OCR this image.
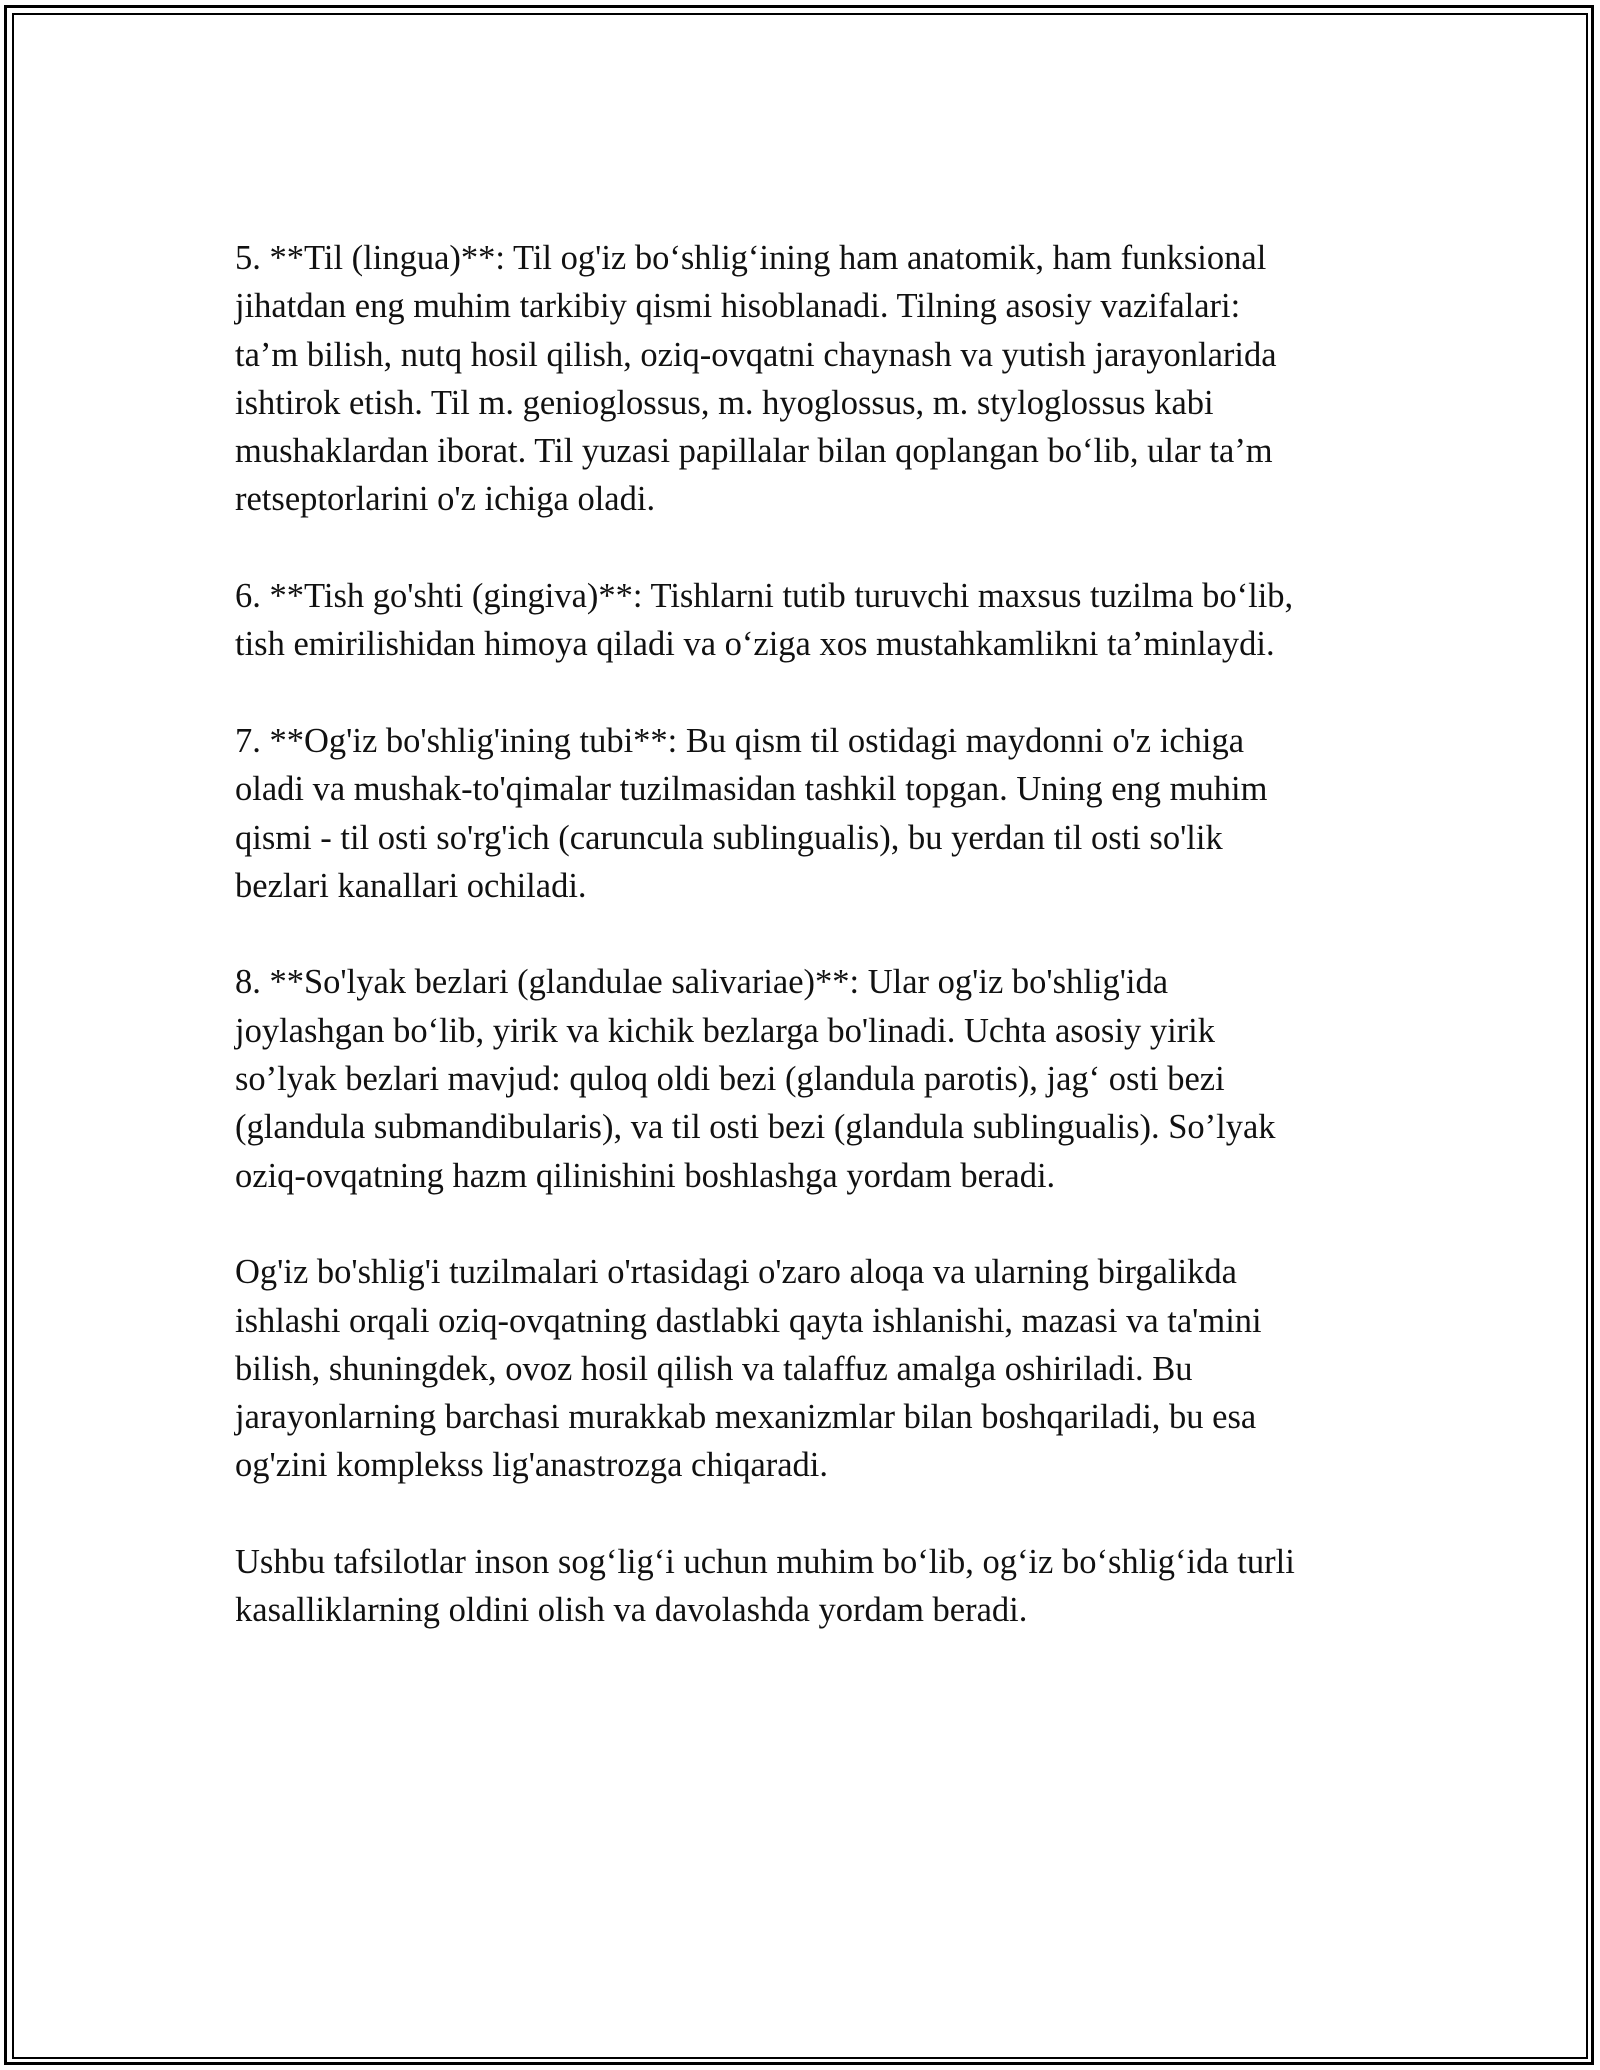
5. **Til (lingua)**: Til og'iz bo‘shlig‘ining ham anatomik, ham funksional
jihatdan eng muhim tarkibiy qismi hisoblanadi. Tilning asosiy vazifalari:
ta’m bilish, nutq hosil qilish, oziq-ovqatni chaynash va yutish jarayonlarida
ishtirok etish. Til m. genioglossus, m. hyoglossus, m. styloglossus kabi
mushaklardan iborat. Til yuzasi papillalar bilan qoplangan bo‘lib, ular ta’m
retseptorlarini o'z ichiga oladi.
6. **Tish go'shti (gingiva)**: Tishlarni tutib turuvchi maxsus tuzilma bo‘lib,
tish emirilishidan himoya qiladi va o‘ziga xos mustahkamlikni ta’minlaydi.
7. **Og'iz bo'shlig'ining tubi**: Bu qism til ostidagi maydonni o'z ichiga
oladi va mushak-to'qimalar tuzilmasidan tashkil topgan. Uning eng muhim
qismi - til osti so'rg'ich (caruncula sublingualis), bu yerdan til osti so'lik
bezlari kanallari ochiladi.
8. **So'lyak bezlari (glandulae salivariae)**: Ular og'iz bo'shlig'ida
joylashgan bo‘lib, yirik va kichik bezlarga bo'linadi. Uchta asosiy yirik
so’lyak bezlari mavjud: quloq oldi bezi (glandula parotis), jag‘ osti bezi
(glandula submandibularis), va til osti bezi (glandula sublingualis). So’lyak
oziq-ovqatning hazm qilinishini boshlashga yordam beradi.
Og'iz bo'shlig'i tuzilmalari o'rtasidagi o'zaro aloqa va ularning birgalikda
ishlashi orqali oziq-ovqatning dastlabki qayta ishlanishi, mazasi va ta'mini
bilish, shuningdek, ovoz hosil qilish va talaffuz amalga oshiriladi. Bu
jarayonlarning barchasi murakkab mexanizmlar bilan boshqariladi, bu esa
og'zini komplekss lig'anastrozga chiqaradi.
Ushbu tafsilotlar inson sog‘lig‘i uchun muhim bo‘lib, og‘iz bo‘shlig‘ida turli
kasalliklarning oldini olish va davolashda yordam beradi.
